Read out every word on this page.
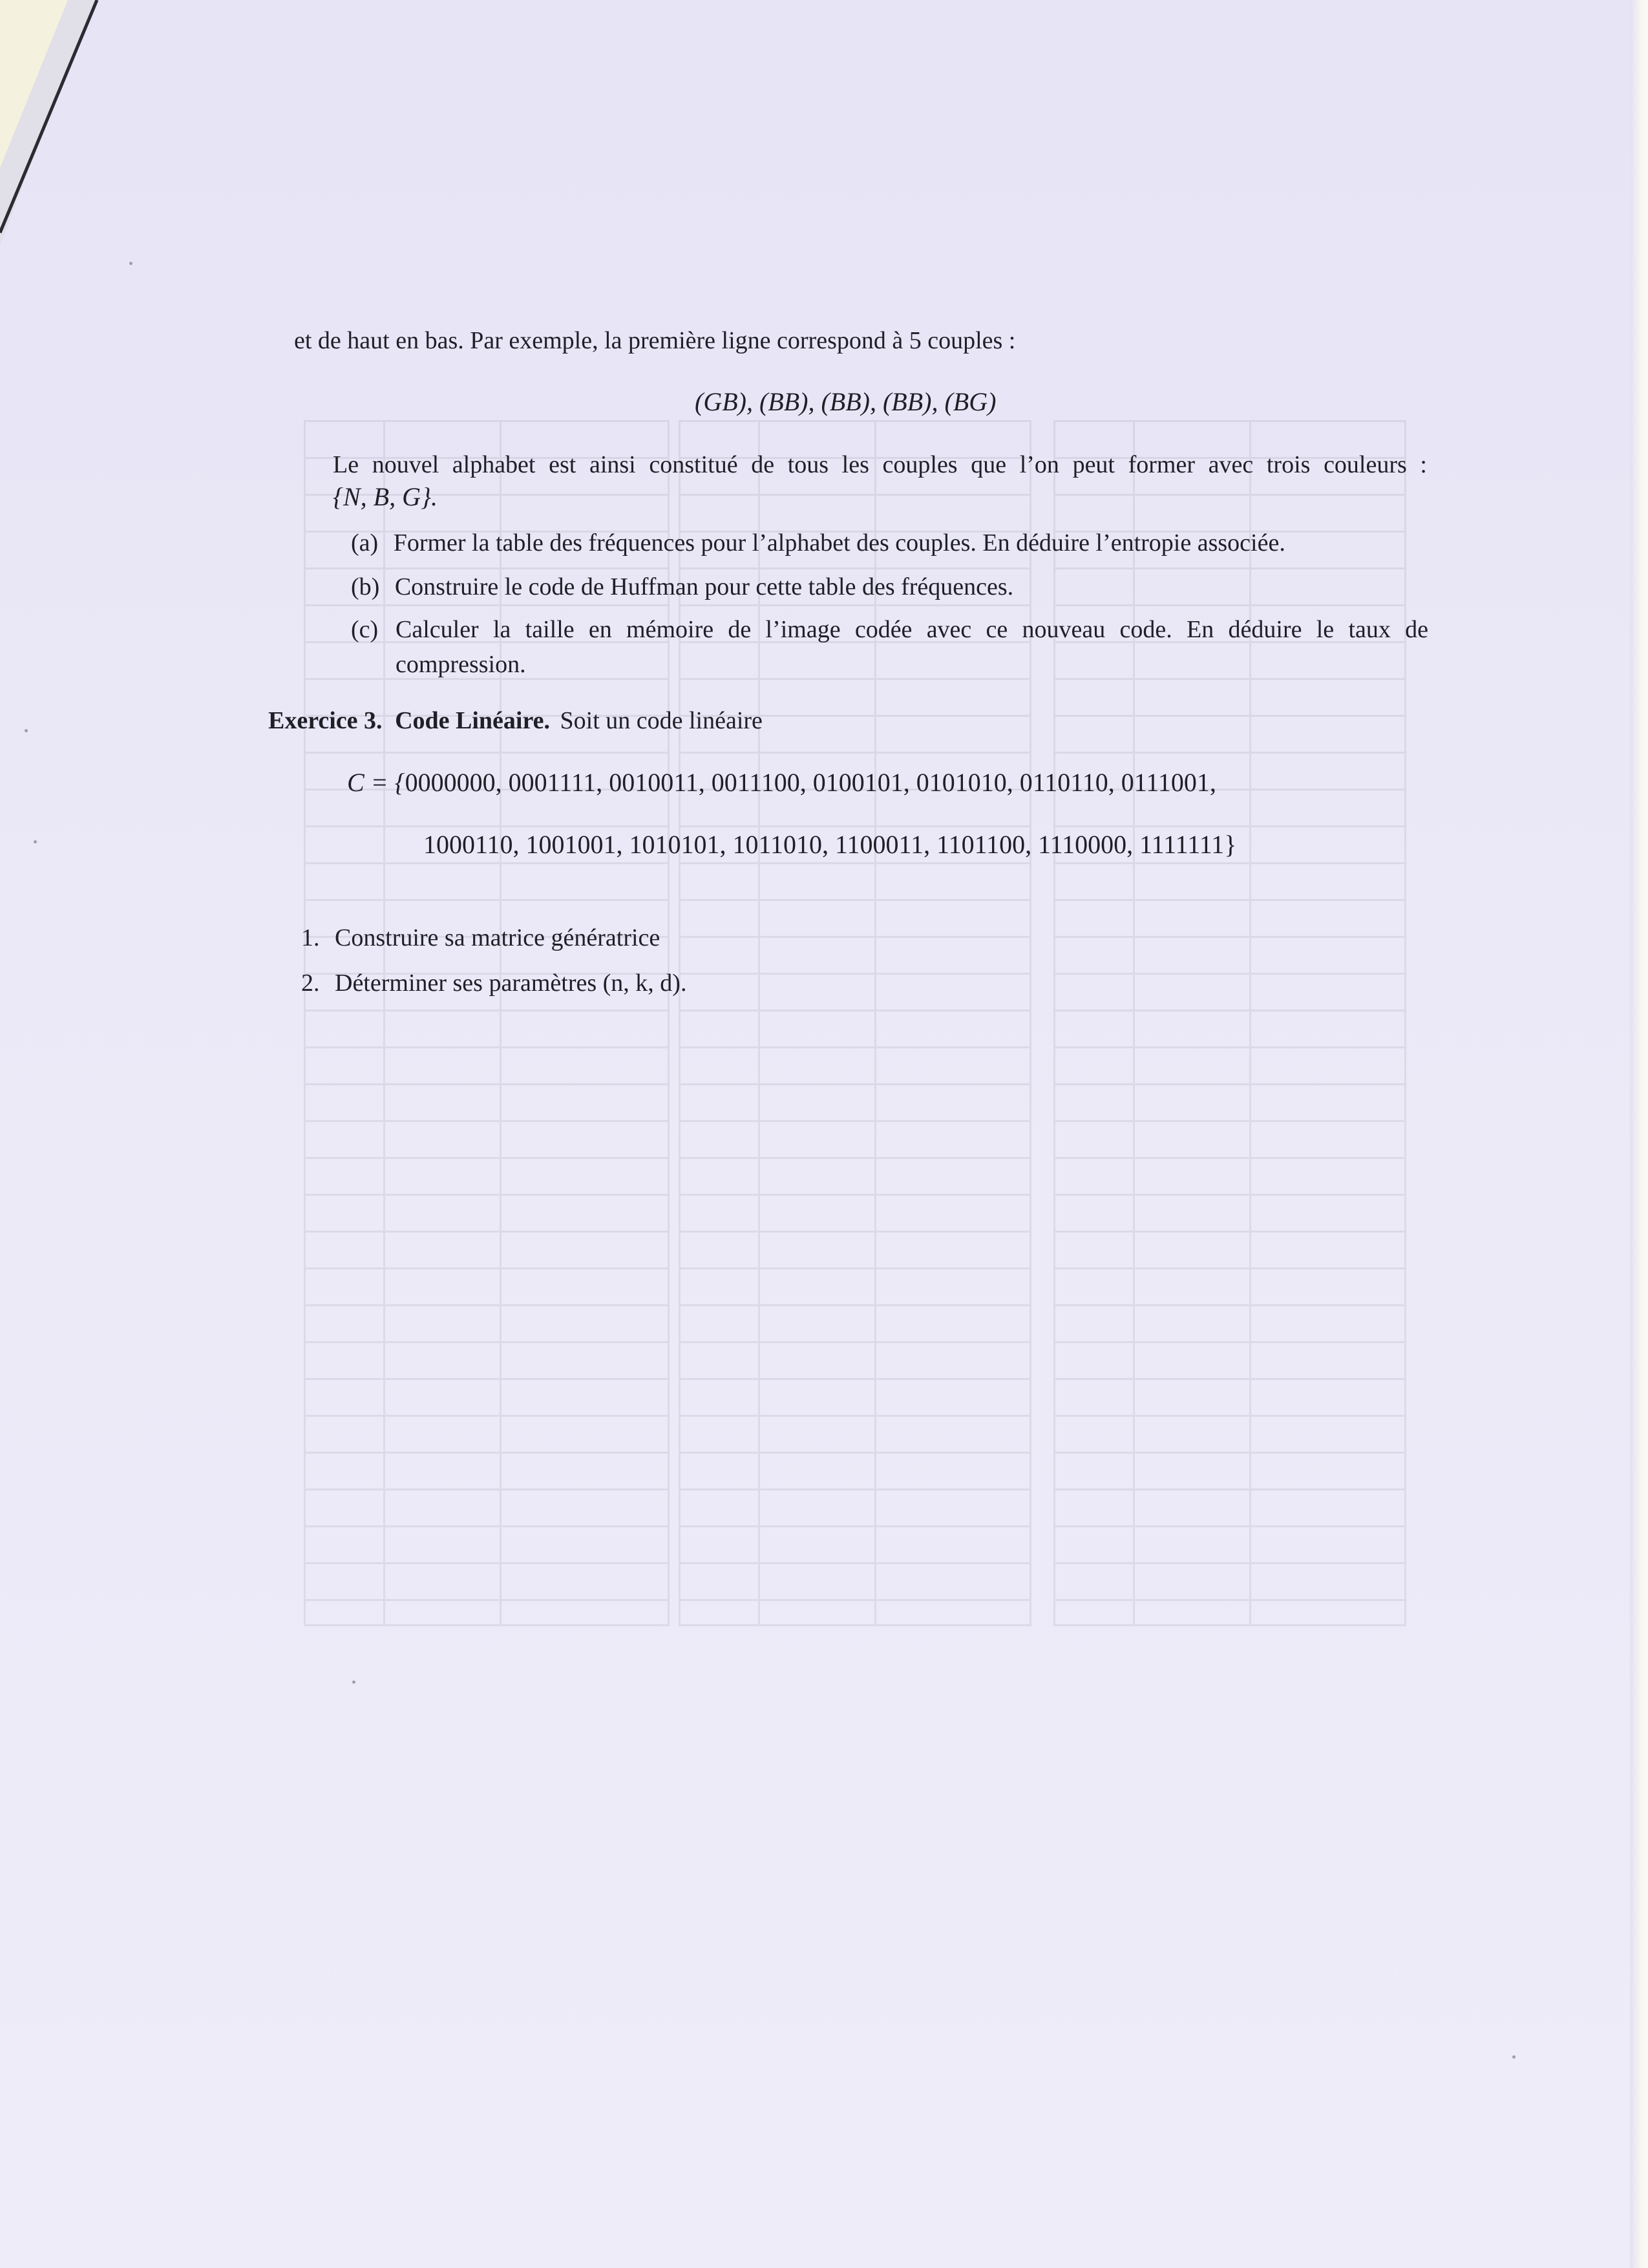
et de haut en bas. Par exemple, la première ligne correspond à 5 couples :
(GB), (BB), (BB), (BB), (BG)
Le nouvel alphabet est ainsi constitué de tous les couples que l’on peut former avec trois couleurs :
{N, B, G}.
(a) Former la table des fréquences pour l’alphabet des couples. En déduire l’entropie associée.
(b) Construire le code de Huffman pour cette table des fréquences.
(c) Calculer la taille en mémoire de l’image codée avec ce nouveau code. En déduire le taux de
compression.
Exercice 3. Code Linéaire. Soit un code linéaire
C = {0000000, 0001111, 0010011, 0011100, 0100101, 0101010, 0110110, 0111001,
1000110, 1001001, 1010101, 1011010, 1100011, 1101100, 1110000, 1111111}
1. Construire sa matrice génératrice
2. Déterminer ses paramètres (n, k, d).
